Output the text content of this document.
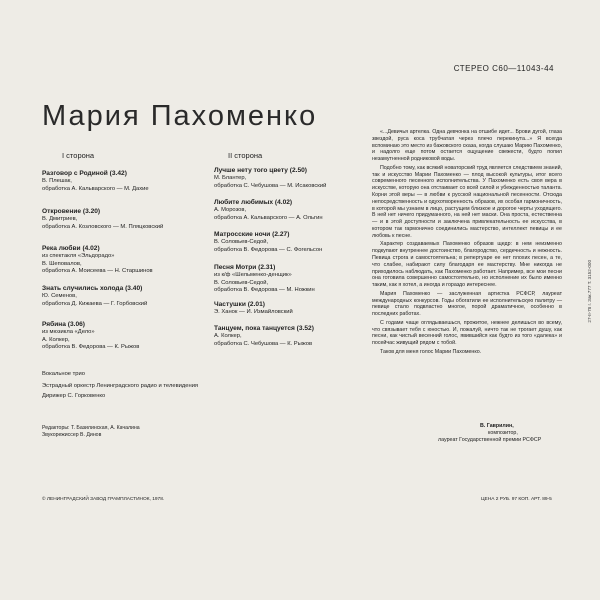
СТЕРЕО С60—11043-44
Мария Пахоменко
I сторона
Разговор с Родиной (3.42)
В. Плешак,
обработка А. Кальварского — М. Дахие
Откровение (3.20)
В. Дмитриев,
обработка А. Козловского — М. Пляцковский
Река любви (4.02)
из спектакля «Эльдорадо»
В. Шеповалов,
обработка А. Моисеева — Н. Старшинов
Знать случились холода (3.40)
Ю. Семенов,
обработка Д. Кижаева — Г. Горбовский
Рябина (3.06)
из мюзикла «Дело»
А. Колкер,
обработка В. Федорова — К. Рыжов
II сторона
Лучше нету того цвету (2.50)
М. Блантер,
обработка С. Чебушова — М. Исаковский
Любите любимых (4.02)
А. Морозов,
обработка А. Кальварского — А. Ольгин
Матросские ночи (2.27)
В. Соловьев-Седой,
обработка В. Федорова — С. Фогельсон
Песня Мотри (2.31)
из к/ф «Шельменко-денщик»
В. Соловьев-Седой,
обработка В. Федорова — М. Ножкин
Частушки (2.01)
Э. Ханок — И. Измайловский
Танцуем, пока танцуется (3.52)
А. Колкер,
обработка С. Чебушова — К. Рыжов
Вокальное трио
Эстрадный оркестр Ленинградского радио и телевидения
Дирижер С. Горковенко
Редакторы: Т. Базилинская, А. Качалина
Звукорежиссер В. Динов
© ЛЕНИНГРАДСКИЙ ЗАВОД ГРАМПЛАСТИНОК, 1978.	ЦЕНА 2 РУБ. 97 КОП. АРТ. 89-5

«...Девичья артелка. Одна девчонка на отшибе идет... Брови дугой, глаза звездой, руса коса трубчатая через плечо перекинута...» Я всегда вспоминаю это место из бажовского сказа, когда слушаю Марию Пахоменко, и надолго еще потом остается ощущение свежести, будто попил незамутненной родниковой воды.

Подобно тому, как всякий новаторский труд является следствием знаний, так и искусство Марии Пахоменко — плод высокой культуры, итог всего современного песенного исполнительства. У Пахоменко есть своя вера в искусстве, которую она отстаивает со всей силой и убежденностью таланта. Корни этой веры — в любви к русской национальной песенности. Отсюда непосредственность и одухотворенность образов, их особая гармоничность, в которой мы узнаем в лицо, растущем близкое и дорогое черты уходящего. В ней нет ничего придуманного, на ней нет маски. Она проста, естественна — и в этой доступности и заключена привлекательность ее искусства, в котором так гармонично соединились мастерство, интеллект певицы и ее любовь к песне.

Характер создаваемых Пахоменко образов щедр: в нем неизменно подкупают внутреннее достоинство, благородство, сердечность и нежность. Певица строга и самостоятельна; в репертуаре ее нет плохих песен, а те, что слабее, набирают силу благодаря ее мастерству. Мне никогда не приходилось наблюдать, как Пахоменко работает. Например, все мои песни она готовила совершенно самостоятельно, но исполнение их было именно таким, как я хотел, а иногда и гораздо интереснее.

Мария Пахоменко — заслуженная артистка РСФСР, лауреат международных конкурсов. Годы обогатили ее исполнительскую палитру — певице стало подвластно многое, порой драматичное, особенно в последних работах.

С годами чаще оглядываешься, прожитое, нежнее делишься во всему, что связывает тебя с юностью. И, пожалуй, ничто так не трогает душу, как песни, как чистый весенний голос, явившийся как будто из того «далека» и посейчас живущий рядом с тобой.

Таков для меня голос Марии Пахоменко.

В. Гаврилин,
композитор,
лауреат Государственной премии РСФСР
27-II-78 г. Зак.777 Т. 3152-000
